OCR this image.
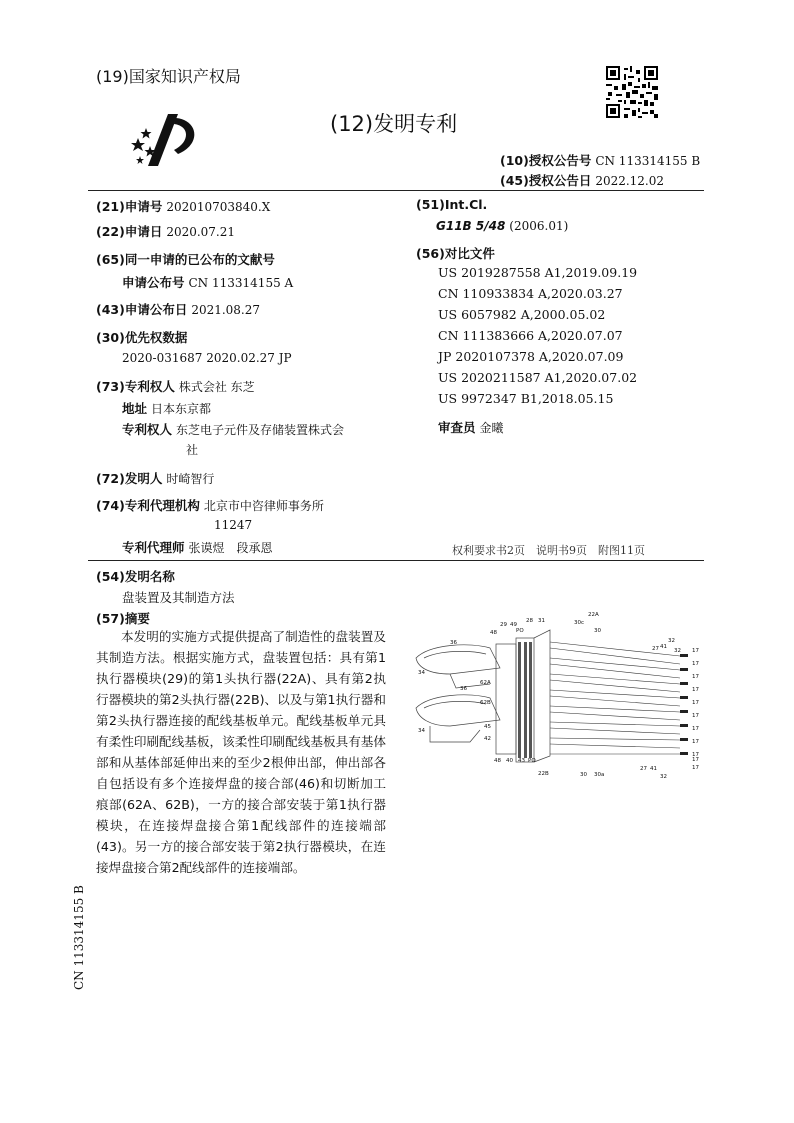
(19)国家知识产权局
(12)发明专利
(10)授权公告号 CN 113314155 B
(45)授权公告日 2022.12.02
(21)申请号 202010703840.X
(22)申请日 2020.07.21
(65)同一申请的已公布的文献号
申请公布号 CN 113314155 A
(43)申请公布日 2021.08.27
(30)优先权数据
2020-031687 2020.02.27 JP
(73)专利权人 株式会社 东芝
地址 日本东京都
专利权人 东芝电子元件及存储装置株式会
社
(72)发明人 时崎智行
(74)专利代理机构 北京市中咨律师事务所
11247
专利代理师 张谟煜　段承恩
(51)Int.Cl.
G11B 5/48 (2006.01)
(56)对比文件
US 2019287558 A1,2019.09.19
CN 110933834 A,2020.03.27
US 6057982 A,2000.05.02
CN 111383666 A,2020.07.07
JP 2020107378 A,2020.07.09
US 2020211587 A1,2020.07.02
US 9972347 B1,2018.05.15
审查员 金曦
权利要求书2页　说明书9页　附图11页
(54)发明名称
盘装置及其制造方法
(57)摘要

本发明的实施方式提供提高了制造性的盘装置及其制造方法。根据实施方式，盘装置包括：具有第1执行器模块(29)的第1头执行器(22A)、具有第2执行器模块的第2头执行器(22B)、以及与第1执行器和第2头执行器连接的配线基板单元。配线基板单元具有柔性印刷配线基板，该柔性印刷配线基板具有基体部和从基体部延伸出来的至少2根伸出部，伸出部各自包括设有多个连接焊盘的接合部(46)和切断加工痕部(62A、62B)，一方的接合部安装于第1执行器模块，在连接焊盘接合第1配线部件的连接端部(43)。另一方的接合部安装于第2执行器模块，在连接焊盘接合第2配线部件的连接端部。

29 49
28 31	30c
22A
PO
48	30
32
27 41
32
17
17
17
17
17
17
17
17
17
17
17
36
34
62A
36
62B
34
45
42
48 40 43 PO
22B	30 30a
27 41
32
CN 113314155 B
